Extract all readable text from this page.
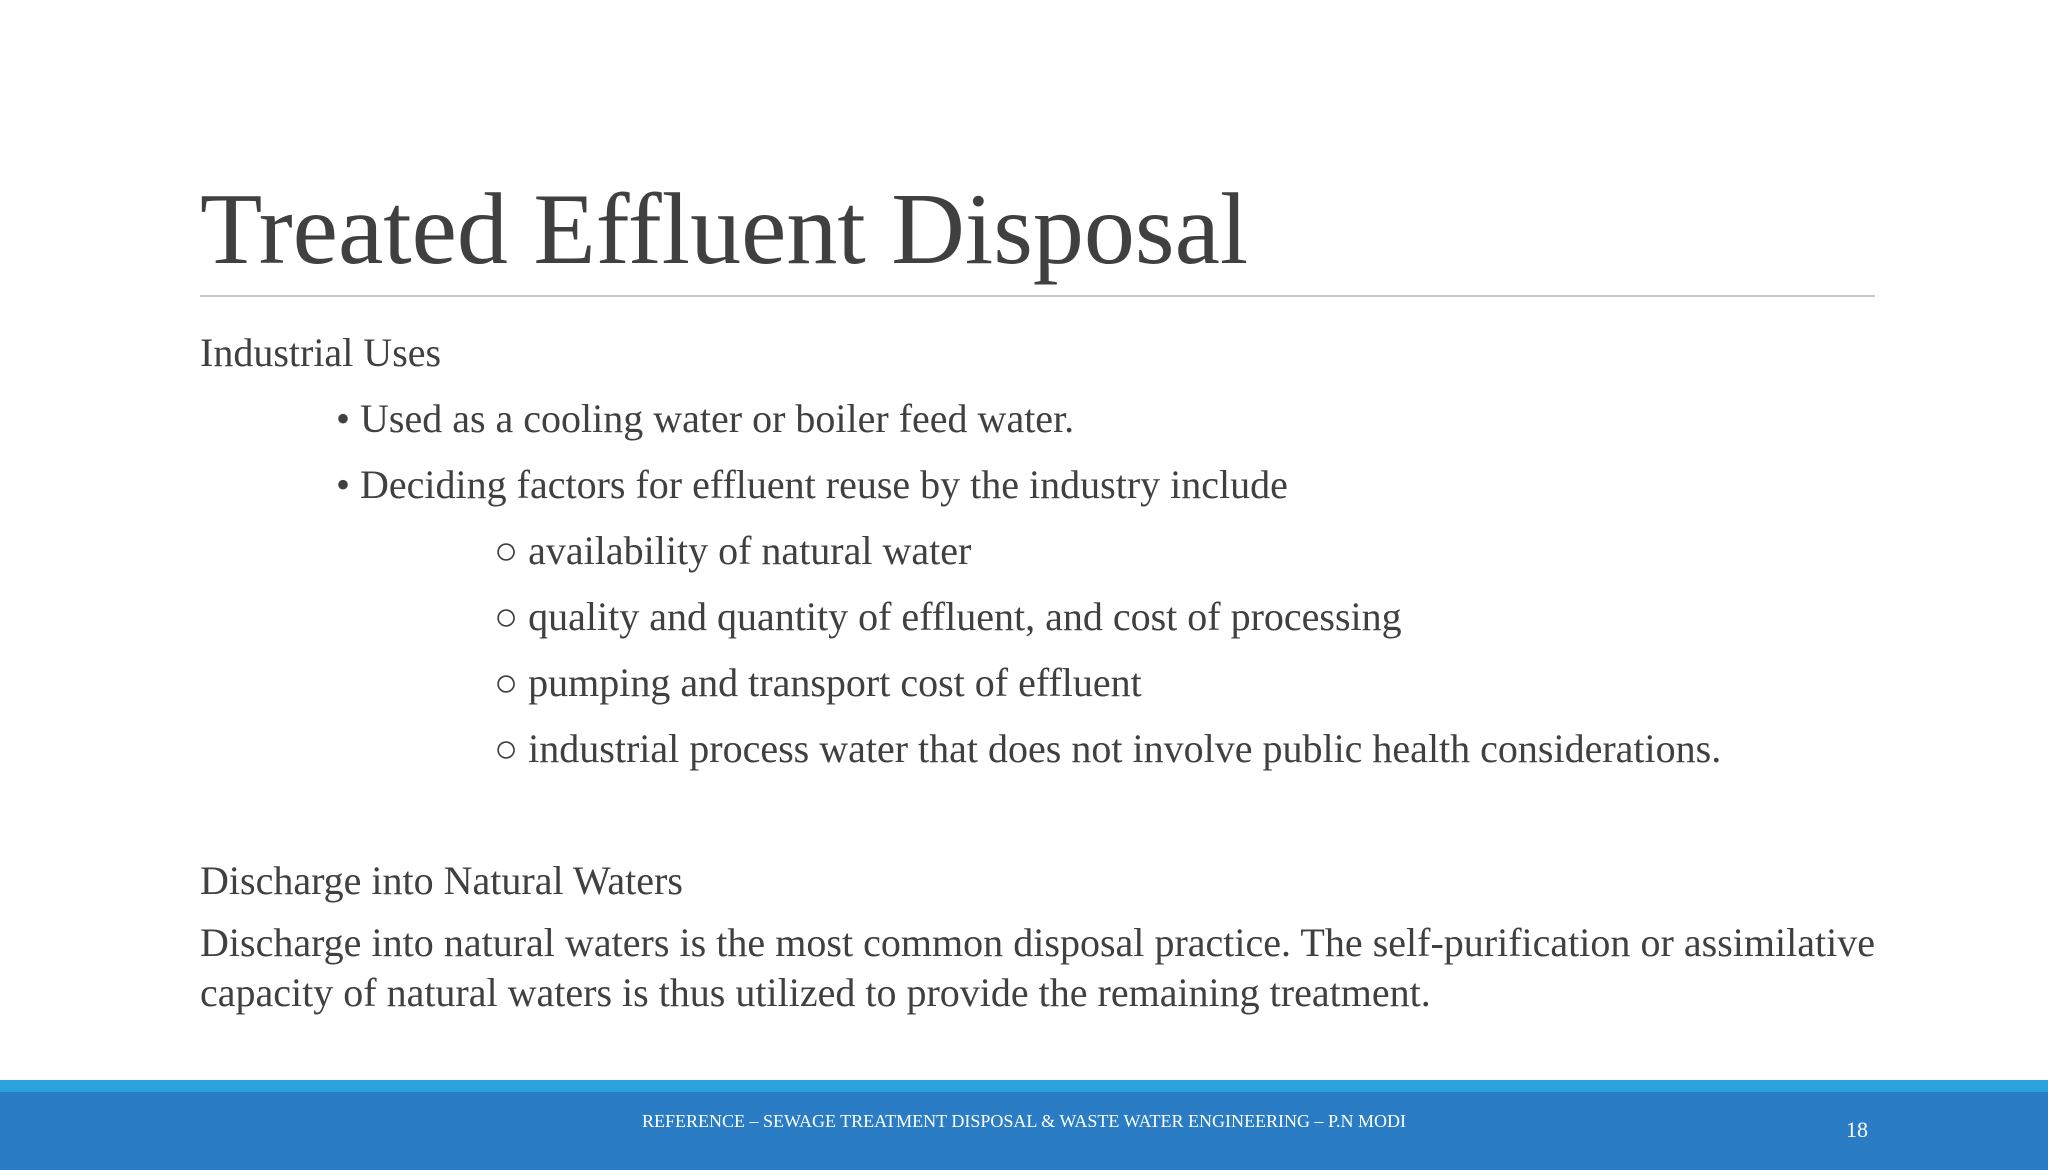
Treated Effluent Disposal
Industrial Uses
• Used as a cooling water or boiler feed water.
• Deciding factors for effluent reuse by the industry include
○ availability of natural water
○ quality and quantity of effluent, and cost of processing
○ pumping and transport cost of effluent
○ industrial process water that does not involve public health considerations.
Discharge into Natural Waters
Discharge into natural waters is the most common disposal practice. The self-purification or assimilative capacity of natural waters is thus utilized to provide the remaining treatment.
REFERENCE – SEWAGE TREATMENT DISPOSAL & WASTE WATER ENGINEERING – P.N MODI	18
